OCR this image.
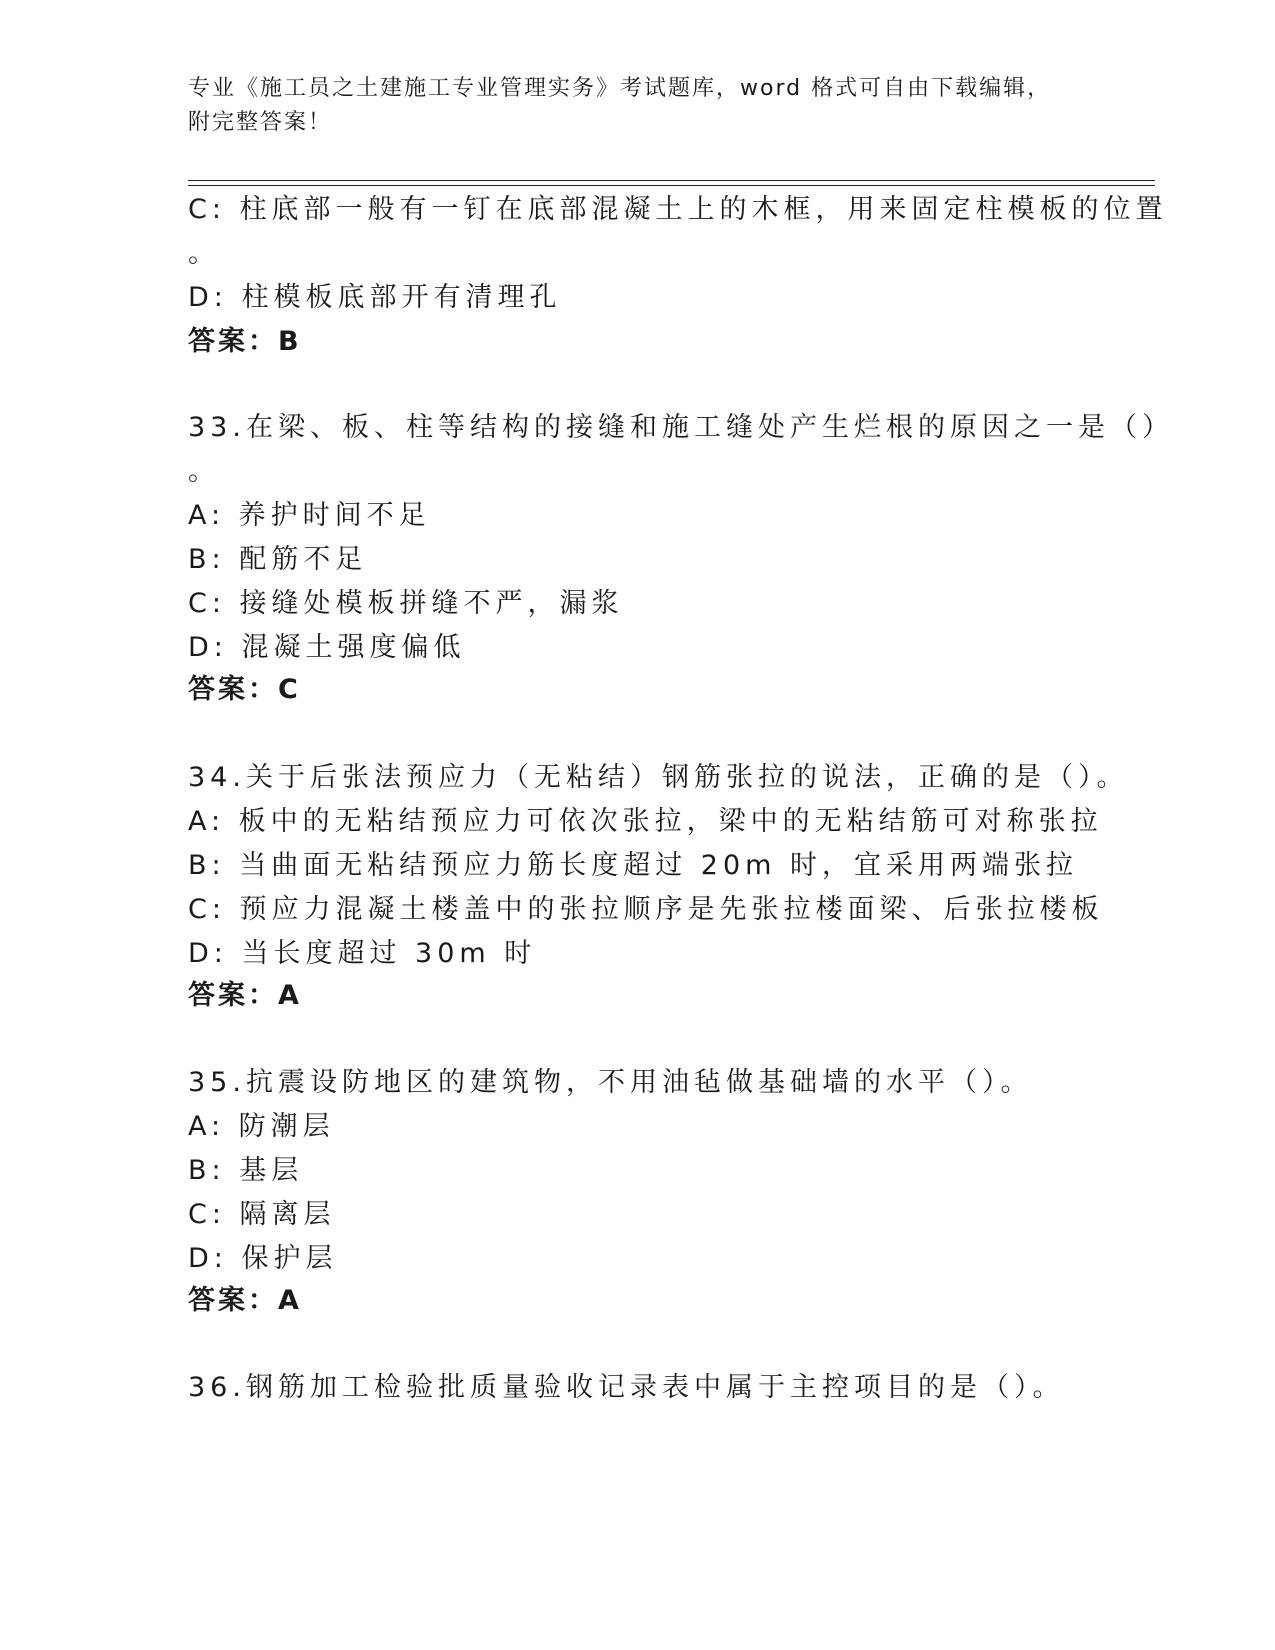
专业《施工员之土建施工专业管理实务》考试题库，word 格式可自由下载编辑，
附完整答案！
C: 柱底部一般有一钉在底部混凝土上的木框，用来固定柱模板的位置
。
D: 柱模板底部开有清理孔
答案：B
33.在梁、板、柱等结构的接缝和施工缝处产生烂根的原因之一是（）
。
A: 养护时间不足
B: 配筋不足
C: 接缝处模板拼缝不严，漏浆
D: 混凝土强度偏低
答案：C
34.关于后张法预应力（无粘结）钢筋张拉的说法，正确的是（）。
A: 板中的无粘结预应力可依次张拉，梁中的无粘结筋可对称张拉
B: 当曲面无粘结预应力筋长度超过 20m 时，宜采用两端张拉
C: 预应力混凝土楼盖中的张拉顺序是先张拉楼面梁、后张拉楼板
D: 当长度超过 30m 时
答案：A
35.抗震设防地区的建筑物，不用油毡做基础墙的水平（）。
A: 防潮层
B: 基层
C: 隔离层
D: 保护层
答案：A
36.钢筋加工检验批质量验收记录表中属于主控项目的是（）。
